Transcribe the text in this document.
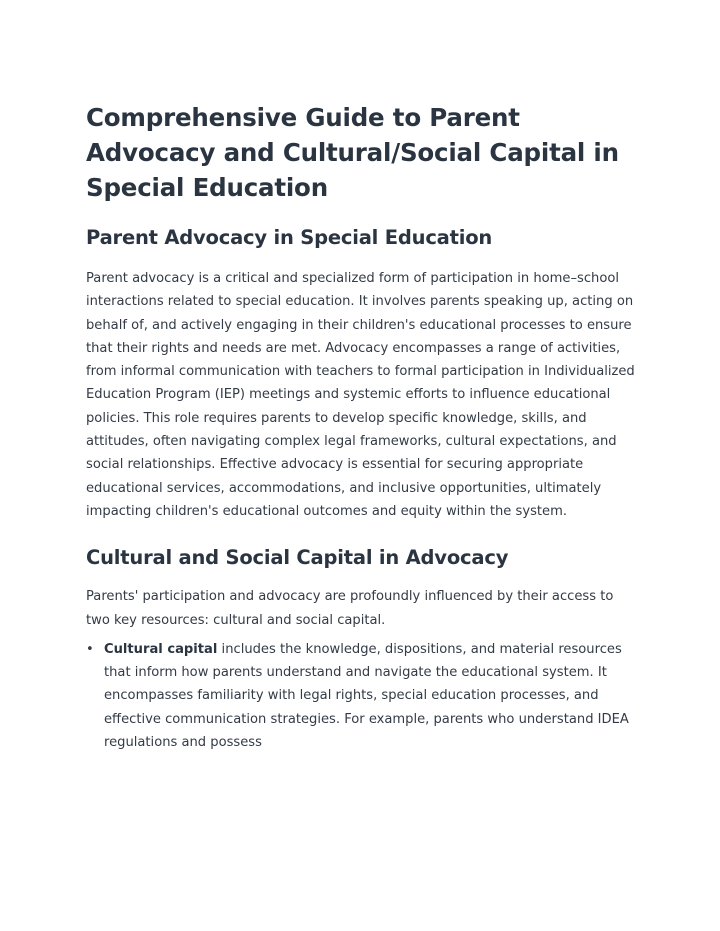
Comprehensive Guide to Parent Advocacy and Cultural/Social Capital in Special Education
Parent Advocacy in Special Education

Parent advocacy is a critical and specialized form of participation in home–school interactions related to special education. It involves parents speaking up, acting on behalf of, and actively engaging in their children's educational processes to ensure that their rights and needs are met. Advocacy encompasses a range of activities, from informal communication with teachers to formal participation in Individualized Education Program (IEP) meetings and systemic efforts to influence educational policies. This role requires parents to develop specific knowledge, skills, and attitudes, often navigating complex legal frameworks, cultural expectations, and social relationships. Effective advocacy is essential for securing appropriate educational services, accommodations, and inclusive opportunities, ultimately impacting children's educational outcomes and equity within the system.

Cultural and Social Capital in Advocacy

Parents' participation and advocacy are profoundly influenced by their access to two key resources: cultural and social capital.

• Cultural capital includes the knowledge, dispositions, and material resources that inform how parents understand and navigate the educational system. It encompasses familiarity with legal rights, special education processes, and effective communication strategies. For example, parents who understand IDEA regulations and possess
